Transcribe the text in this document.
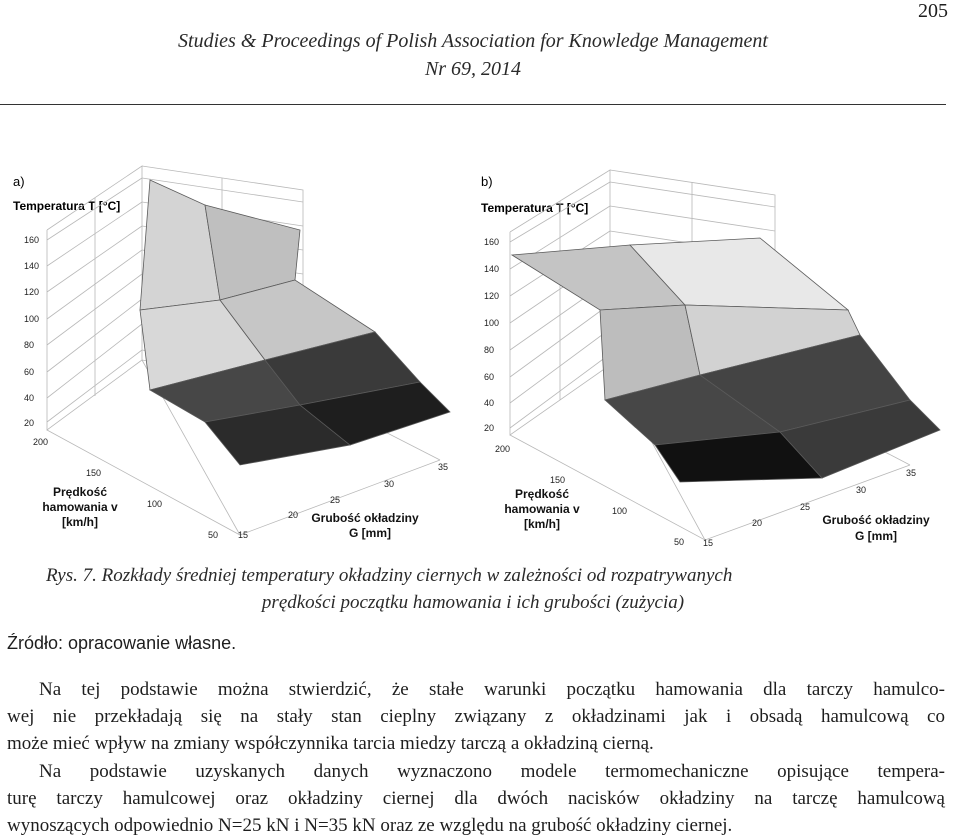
205
Studies & Proceedings of Polish Association for Knowledge Management
Nr 69, 2014
a)
Temperatura T [°C]
160
140
120
100
80
60
40
20
200
150
100
50
35
30
25
20
15
Prędkość
hamowania v
[km/h]	Grubość okładziny
G [mm]
b)
Temperatura T [°C]
160
140
120
100
80
60
40
20
200
150
100
50
35
30
25
20
15
Prędkość
hamowania v
[km/h]	Grubość okładziny
G [mm]
Rys. 7. Rozkłady średniej temperatury okładziny ciernych w zależności od rozpatrywanych
prędkości początku hamowania i ich grubości (zużycia)
Źródło: opracowanie własne.
Na tej podstawie można stwierdzić, że stałe warunki początku hamowania dla tarczy hamulco-
wej nie przekładają się na stały stan cieplny związany z okładzinami jak i obsadą hamulcową co
może mieć wpływ na zmiany współczynnika tarcia miedzy tarczą a okładziną cierną.
Na podstawie uzyskanych danych wyznaczono modele termomechaniczne opisujące tempera-
turę tarczy hamulcowej oraz okładziny ciernej dla dwóch nacisków okładziny na tarczę hamulcową
wynoszących odpowiednio N=25 kN i N=35 kN oraz ze względu na grubość okładziny ciernej.
